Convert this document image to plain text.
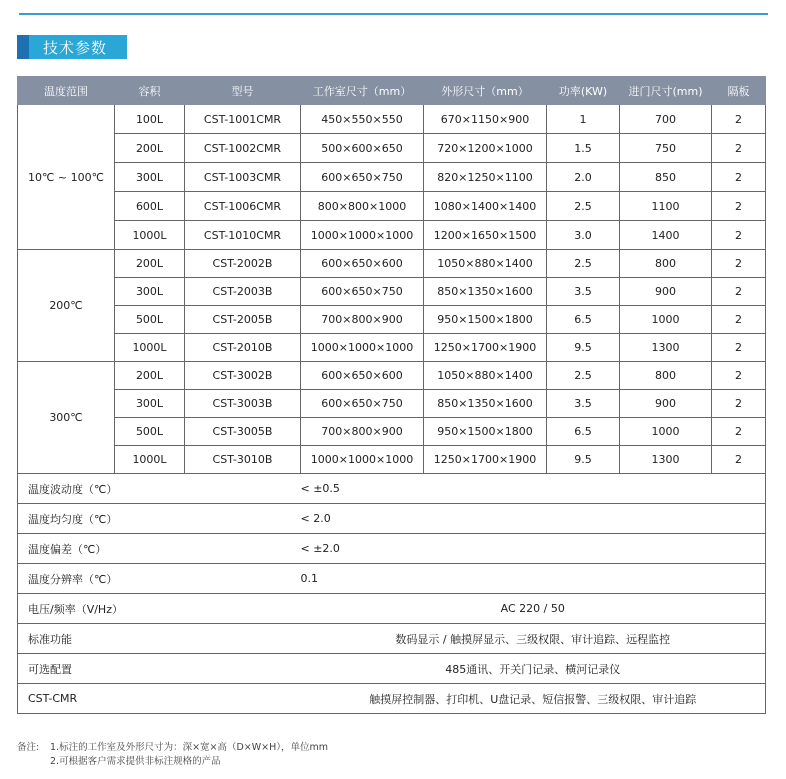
技术参数
温度范围	容积	型号	工作室尺寸（mm）	外形尺寸（mm）	功率(KW)	进门尺寸(mm)	隔板
10℃ ~ 100℃	100L	CST-1001CMR	450×550×550	670×1150×900	1	700	2
	200L	CST-1002CMR	500×600×650	720×1200×1000	1.5	750	2
	300L	CST-1003CMR	600×650×750	820×1250×1100	2.0	850	2
	600L	CST-1006CMR	800×800×1000	1080×1400×1400	2.5	1100	2
	1000L	CST-1010CMR	1000×1000×1000	1200×1650×1500	3.0	1400	2
200℃	200L	CST-2002B	600×650×600	1050×880×1400	2.5	800	2
	300L	CST-2003B	600×650×750	850×1350×1600	3.5	900	2
	500L	CST-2005B	700×800×900	950×1500×1800	6.5	1000	2
	1000L	CST-2010B	1000×1000×1000	1250×1700×1900	9.5	1300	2
300℃	200L	CST-3002B	600×650×600	1050×880×1400	2.5	800	2
	300L	CST-3003B	600×650×750	850×1350×1600	3.5	900	2
	500L	CST-3005B	700×800×900	950×1500×1800	6.5	1000	2
	1000L	CST-3010B	1000×1000×1000	1250×1700×1900	9.5	1300	2
温度波动度（℃）			< ±0.5				
温度均匀度（℃）			< 2.0				
温度偏差（℃）			< ±2.0				
温度分辨率（℃）			0.1				
电压/频率（V/Hz）			AC 220 / 50				
标准功能			数码显示 / 触摸屏显示、三级权限、审计追踪、远程监控				
可选配置			485通讯、开关门记录、横河记录仪				
CST-CMR			触摸屏控制器、打印机、U盘记录、短信报警、三级权限、审计追踪				
备注:	1.标注的工作室及外形尺寸为：深×宽×高（D×W×H），单位mm
2.可根据客户需求提供非标注规格的产品
